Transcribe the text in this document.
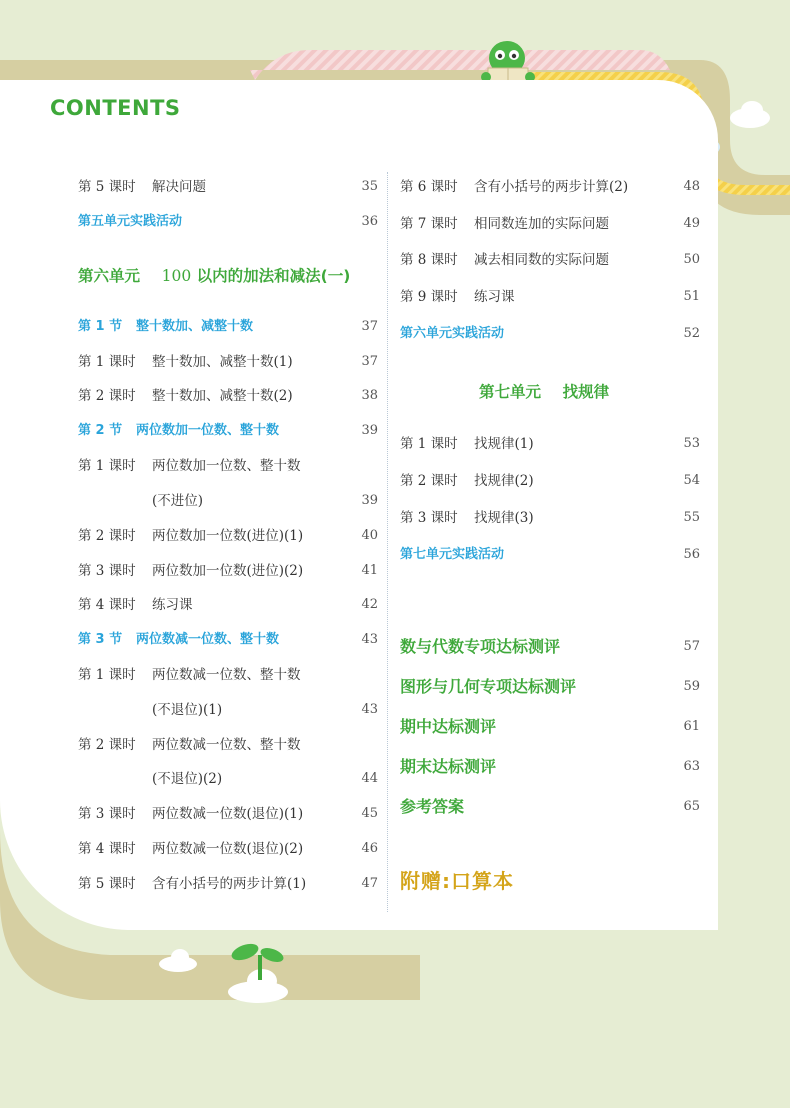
CONTENTS
第 5 课时 解决问题	35
第五单元实践活动	36
第六单元 100 以内的加法和减法(一)
第 1 节 整十数加、减整十数	37
第 1 课时 整十数加、减整十数(1)	37
第 2 课时 整十数加、减整十数(2)	38
第 2 节 两位数加一位数、整十数	39
第 1 课时 两位数加一位数、整十数
(不进位)	39
第 2 课时 两位数加一位数(进位)(1)	40
第 3 课时 两位数加一位数(进位)(2)	41
第 4 课时 练习课	42
第 3 节 两位数减一位数、整十数	43
第 1 课时 两位数减一位数、整十数
(不退位)(1)	43
第 2 课时 两位数减一位数、整十数
(不退位)(2)	44
第 3 课时 两位数减一位数(退位)(1)	45
第 4 课时 两位数减一位数(退位)(2)	46
第 5 课时 含有小括号的两步计算(1)	47
第 6 课时 含有小括号的两步计算(2)	48
第 7 课时 相同数连加的实际问题	49
第 8 课时 减去相同数的实际问题	50
第 9 课时 练习课	51
第六单元实践活动	52
第七单元 找规律
第 1 课时 找规律(1)	53
第 2 课时 找规律(2)	54
第 3 课时 找规律(3)	55
第七单元实践活动	56
数与代数专项达标测评	57
图形与几何专项达标测评	59
期中达标测评	61
期末达标测评	63
参考答案	65
附赠:口算本
